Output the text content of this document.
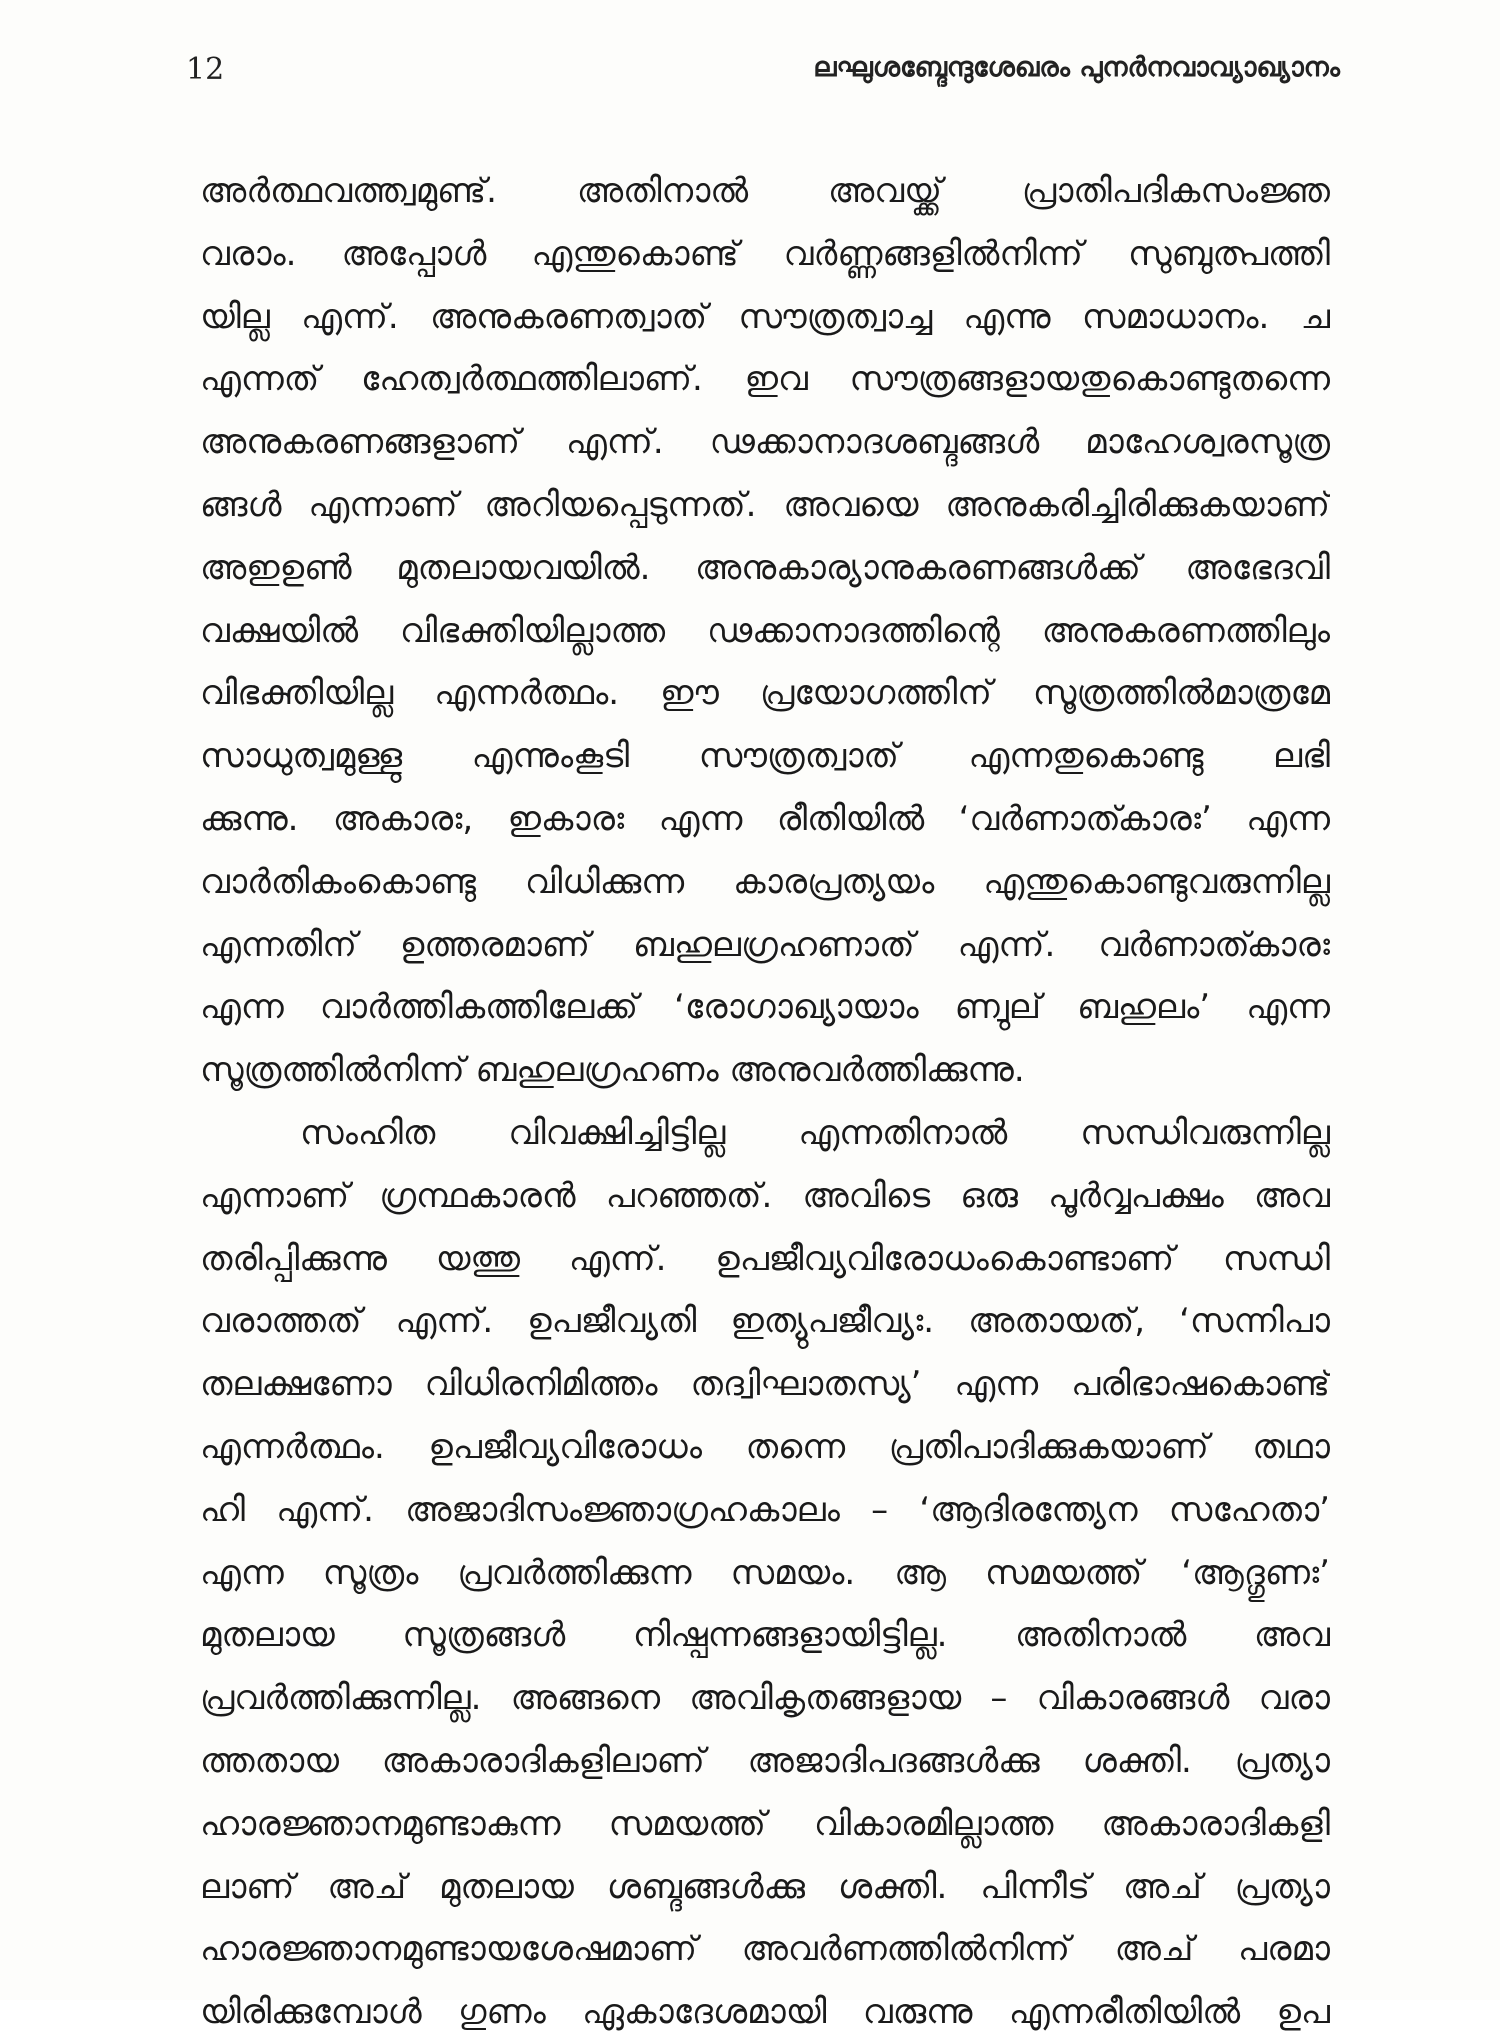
12	ലഘുശബ്ദേന്ദുശേഖരം പുനർനവാവ്യാഖ്യാനം
അർത്ഥവത്ത്വമുണ്ട്. അതിനാൽ അവയ്ക്ക് പ്രാതിപദികസംജ്ഞ
വരാം. അപ്പോൾ എന്തുകൊണ്ട് വർണ്ണങ്ങളിൽനിന്ന് സുബുത്പത്തി
യില്ല എന്ന്. അനുകരണത്വാത് സൗത്രത്വാച്ച എന്നു സമാധാനം. ച
എന്നത് ഹേത്വർത്ഥത്തിലാണ്. ഇവ സൗത്രങ്ങളായതുകൊണ്ടുതന്നെ
അനുകരണങ്ങളാണ് എന്ന്. ഢക്കാനാദശബ്ദങ്ങൾ മാഹേശ്വരസൂത്ര
ങ്ങൾ എന്നാണ് അറിയപ്പെടുന്നത്. അവയെ അനുകരിച്ചിരിക്കുകയാണ്
അഇഉൺ മുതലായവയിൽ. അനുകാര്യാനുകരണങ്ങൾക്ക് അഭേദവി
വക്ഷയിൽ വിഭക്തിയില്ലാത്ത ഢക്കാനാദത്തിന്റെ അനുകരണത്തിലും
വിഭക്തിയില്ല എന്നർത്ഥം. ഈ പ്രയോഗത്തിന് സൂത്രത്തിൽമാത്രമേ
സാധുത്വമുള്ളു എന്നുംകൂടി സൗത്രത്വാത് എന്നതുകൊണ്ടു ലഭി
ക്കുന്നു. അകാരഃ, ഇകാരഃ എന്ന രീതിയിൽ ‘വർണാത്കാരഃ’ എന്ന
വാർതികംകൊണ്ടു വിധിക്കുന്ന കാരപ്രത്യയം എന്തുകൊണ്ടുവരുന്നില്ല
എന്നതിന് ഉത്തരമാണ് ബഹുലഗ്രഹണാത് എന്ന്. വർണാത്കാരഃ
എന്ന വാർത്തികത്തിലേക്ക് ‘രോഗാഖ്യായാം ണ്വുല് ബഹുലം’ എന്ന
സൂത്രത്തിൽനിന്ന് ബഹുലഗ്രഹണം അനുവർത്തിക്കുന്നു.
സംഹിത വിവക്ഷിച്ചിട്ടില്ല എന്നതിനാൽ സന്ധിവരുന്നില്ല
എന്നാണ് ഗ്രന്ഥകാരൻ പറഞ്ഞത്. അവിടെ ഒരു പൂർവ്വപക്ഷം അവ
തരിപ്പിക്കുന്നു യത്തു എന്ന്. ഉപജീവ്യവിരോധംകൊണ്ടാണ് സന്ധി
വരാത്തത് എന്ന്. ഉപജീവ്യതി ഇത്യുപജീവ്യഃ. അതായത്, ‘സന്നിപാ
തലക്ഷണോ വിധിരനിമിത്തം തദ്വിഘാതസ്യ’ എന്ന പരിഭാഷകൊണ്ട്
എന്നർത്ഥം. ഉപജീവ്യവിരോധം തന്നെ പ്രതിപാദിക്കുകയാണ് തഥാ
ഹി എന്ന്. അജാദിസംജ്ഞാഗ്രഹകാലം – ‘ആദിരന്ത്യേന സഹേതാ’
എന്ന സൂത്രം പ്രവർത്തിക്കുന്ന സമയം. ആ സമയത്ത് ‘ആദ്ഗുണഃ’
മുതലായ സൂത്രങ്ങൾ നിഷ്പന്നങ്ങളായിട്ടില്ല. അതിനാൽ അവ
പ്രവർത്തിക്കുന്നില്ല. അങ്ങനെ അവികൃതങ്ങളായ – വികാരങ്ങൾ വരാ
ത്തതായ അകാരാദികളിലാണ് അജാദിപദങ്ങൾക്കു ശക്തി. പ്രത്യാ
ഹാരജ്ഞാനമുണ്ടാകുന്ന സമയത്ത് വികാരമില്ലാത്ത അകാരാദികളി
ലാണ് അച് മുതലായ ശബ്ദങ്ങൾക്കു ശക്തി. പിന്നീട് അച് പ്രത്യാ
ഹാരജ്ഞാനമുണ്ടായശേഷമാണ് അവർണത്തിൽനിന്ന് അച് പരമാ
യിരിക്കുമ്പോൾ ഗുണം ഏകാദേശമായി വരുന്നു എന്നരീതിയിൽ ഉപ
